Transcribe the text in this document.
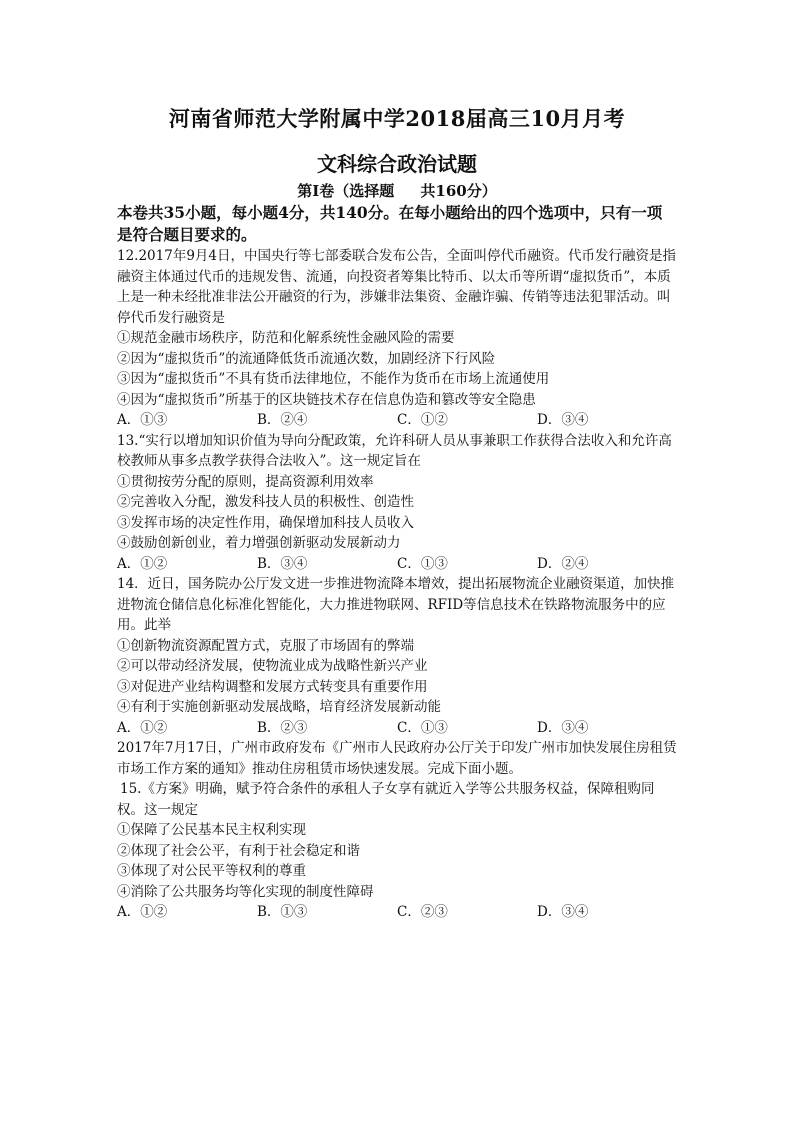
河南省师范大学附属中学2018届高三10月月考
文科综合政治试题
第Ⅰ卷（选择题     共160分）

本卷共35小题，每小题4分，共140分。在每小题给出的四个选项中，只有一项是符合题目要求的。

12.2017年9月4日，中国央行等七部委联合发布公告，全面叫停代币融资。代币发行融资是指融资主体通过代币的违规发售、流通，向投资者筹集比特币、以太币等所谓“虚拟货币”，本质上是一种未经批准非法公开融资的行为，涉嫌非法集资、金融诈骗、传销等违法犯罪活动。叫停代币发行融资是

①规范金融市场秩序，防范和化解系统性金融风险的需要

②因为“虚拟货币”的流通降低货币流通次数，加剧经济下行风险

③因为“虚拟货币”不具有货币法律地位，不能作为货币在市场上流通使用

④因为“虚拟货币”所基于的区块链技术存在信息伪造和篡改等安全隐患

A．①③	B．②④	C．①②	D．③④

13.“实行以增加知识价值为导向分配政策，允许科研人员从事兼职工作获得合法收入和允许高校教师从事多点教学获得合法收入”。这一规定旨在

①贯彻按劳分配的原则，提高资源利用效率

②完善收入分配，激发科技人员的积极性、创造性

③发挥市场的决定性作用，确保增加科技人员收入

④鼓励创新创业，着力增强创新驱动发展新动力

A．①②	B．③④	C．①③	D．②④

14．近日，国务院办公厅发文进一步推进物流降本增效，提出拓展物流企业融资渠道，加快推进物流仓储信息化标准化智能化，大力推进物联网、RFID等信息技术在铁路物流服务中的应用。此举

①创新物流资源配置方式，克服了市场固有的弊端

②可以带动经济发展，使物流业成为战略性新兴产业

③对促进产业结构调整和发展方式转变具有重要作用

④有利于实施创新驱动发展战略，培育经济发展新动能

A．①②	B．②③	C．①③	D．③④

2017年7月17日，广州市政府发布《广州市人民政府办公厅关于印发广州市加快发展住房租赁市场工作方案的通知》推动住房租赁市场快速发展。完成下面小题。

15.《方案》明确，赋予符合条件的承租人子女享有就近入学等公共服务权益，保障租购同权。这一规定

①保障了公民基本民主权利实现

②体现了社会公平，有利于社会稳定和谐

③体现了对公民平等权利的尊重

④消除了公共服务均等化实现的制度性障碍

A．①②	B．①③	C．②③	D．③④
